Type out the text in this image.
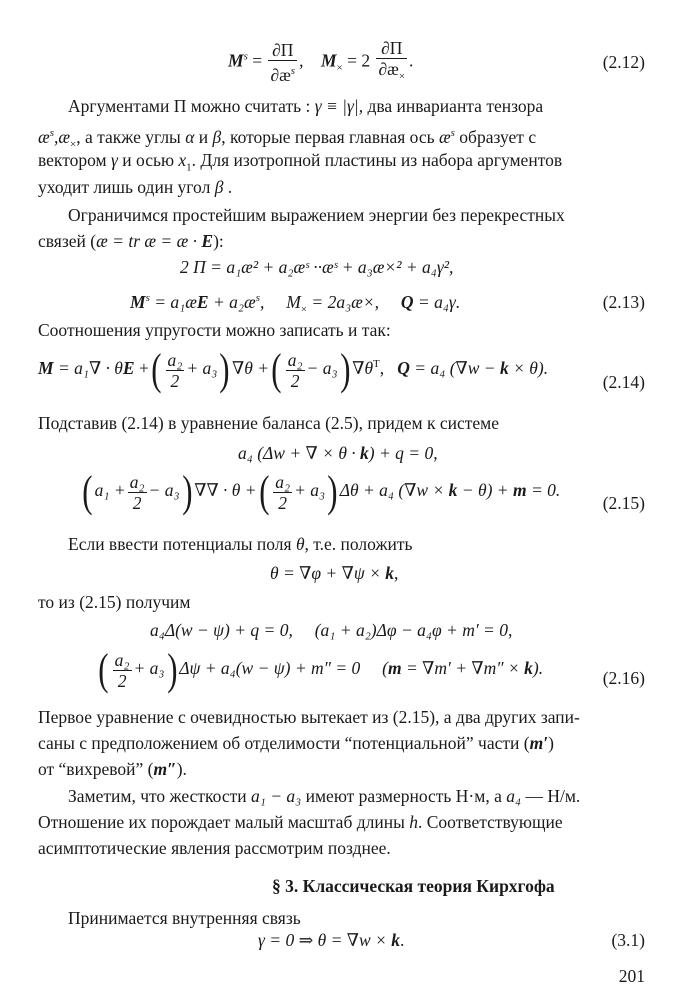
$M^s = \frac{\partial\Pi}{\partial æ^s}$ , $M_\times = 2 \frac{\partial\Pi}{\partial æ_\times}$ .	(2.12)
Аргументами Π можно считать : γ ≡ |γ|, два инварианта тензора
$æ^s,æ_\times$, а также углы α и β, которые первая главная ось $æ^s$ образует с
вектором γ и осью $x_1$. Для изотропной пластины из набора аргументов
уходит лишь один угол β .
Ограничимся простейшим выражением энергии без перекрестных
связей (æ = tr æ = æ · E):
2 Π = a₁æ² + a₂æˢ ··æˢ + a₃æ×² + a₄γ²,
$M^s$ = a₁æE + $a_2æ^s$,     $M_\times$ = 2a₃æ×,     Q = a₄γ.	(2.13)
Соотношения упругости можно записать и так:
M = a₁∇ · θE +( $\frac{\text{a₂}}{2} + a_3$) ∇θ +( $\frac{\text{a₂}}{2} - a_3$) $\nabla\theta^T$, Q = a₄ (∇w − k × θ).
(2.14)
Подставив (2.14) в уравнение баланса (2.5), придем к системе
a₄ (Δw + ∇ × θ · k) + q = 0,
( $a_1 + \frac{\text{a₂}}{2} - a_3$) ∇∇ · θ +( $\frac{\text{a₂}}{2} + a_3$) Δθ + a₄ (∇w × k − θ) + m = 0.
(2.15)
Если ввести потенциалы поля θ, т.е. положить
θ = ∇φ + ∇ψ × k,
то из (2.15) получим
a₄Δ(w − ψ) + q = 0,     (a₁ + a₂)Δφ − a₄φ + m′ = 0,
( $\frac{\text{a₂}}{2} + a_3$) Δψ + a₄(w − ψ) + m″ = 0     (m = ∇m′ + ∇m″ × k).	(2.16)
Первое уравнение с очевидностью вытекает из (2.15), а два других запи-
саны с предположением об отделимости “потенциальной” части (m′)
от “вихревой” (m″).
Заметим, что жесткости a₁ − a₃ имеют размерность Н·м, а a₄ — Н/м.
Отношение их порождает малый масштаб длины h. Соответствующие
асимптотические явления рассмотрим позднее.
§ 3. Классическая теория Кирхгофа
Принимается внутренняя связь
γ = 0 ⇒ θ = ∇w × k.	(3.1)
201
